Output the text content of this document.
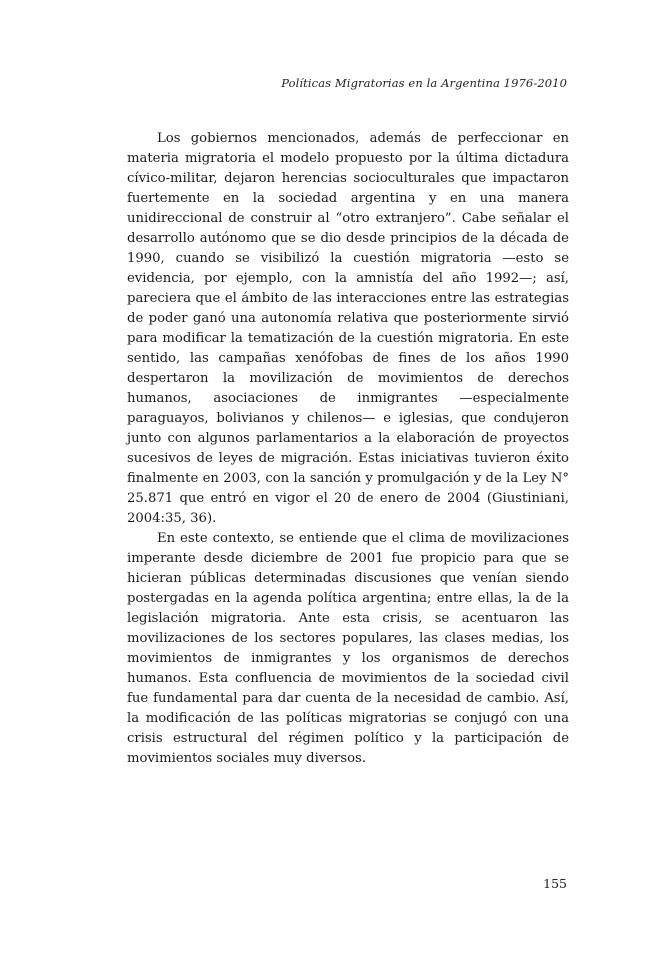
Políticas Migratorias en la Argentina 1976-2010

Los gobiernos mencionados, además de perfeccionar en materia migratoria el modelo propuesto por la última dictadura cívico-militar, dejaron herencias socioculturales que impactaron fuertemente en la sociedad argentina y en una manera unidireccional de construir al “otro extranjero”. Cabe señalar el desarrollo autónomo que se dio desde principios de la década de 1990, cuando se visibilizó la cuestión migratoria —esto se evidencia, por ejemplo, con la amnistía del año 1992—; así, pareciera que el ámbito de las interacciones entre las estrategias de poder ganó una autonomía relativa que posteriormente sirvió para modificar la tematización de la cuestión migratoria. En este sentido, las campañas xenófobas de fines de los años 1990 despertaron la movilización de movimientos de derechos humanos, asociaciones de inmigrantes —especialmente paraguayos, bolivianos y chilenos— e iglesias, que condujeron junto con algunos parlamentarios a la elaboración de proyectos sucesivos de leyes de migración. Estas iniciativas tuvieron éxito finalmente en 2003, con la sanción y promulgación y de la Ley N° 25.871 que entró en vigor el 20 de enero de 2004 (Giustiniani, 2004:35, 36).

En este contexto, se entiende que el clima de movilizaciones imperante desde diciembre de 2001 fue propicio para que se hicieran públicas determinadas discusiones que venían siendo postergadas en la agenda política argentina; entre ellas, la de la legislación migratoria. Ante esta crisis, se acentuaron las movilizaciones de los sectores populares, las clases medias, los movimientos de inmigrantes y los organismos de derechos humanos. Esta confluencia de movimientos de la sociedad civil fue fundamental para dar cuenta de la necesidad de cambio. Así, la modificación de las políticas migratorias se conjugó con una crisis estructural del régimen político y la participación de movimientos sociales muy diversos.

155
